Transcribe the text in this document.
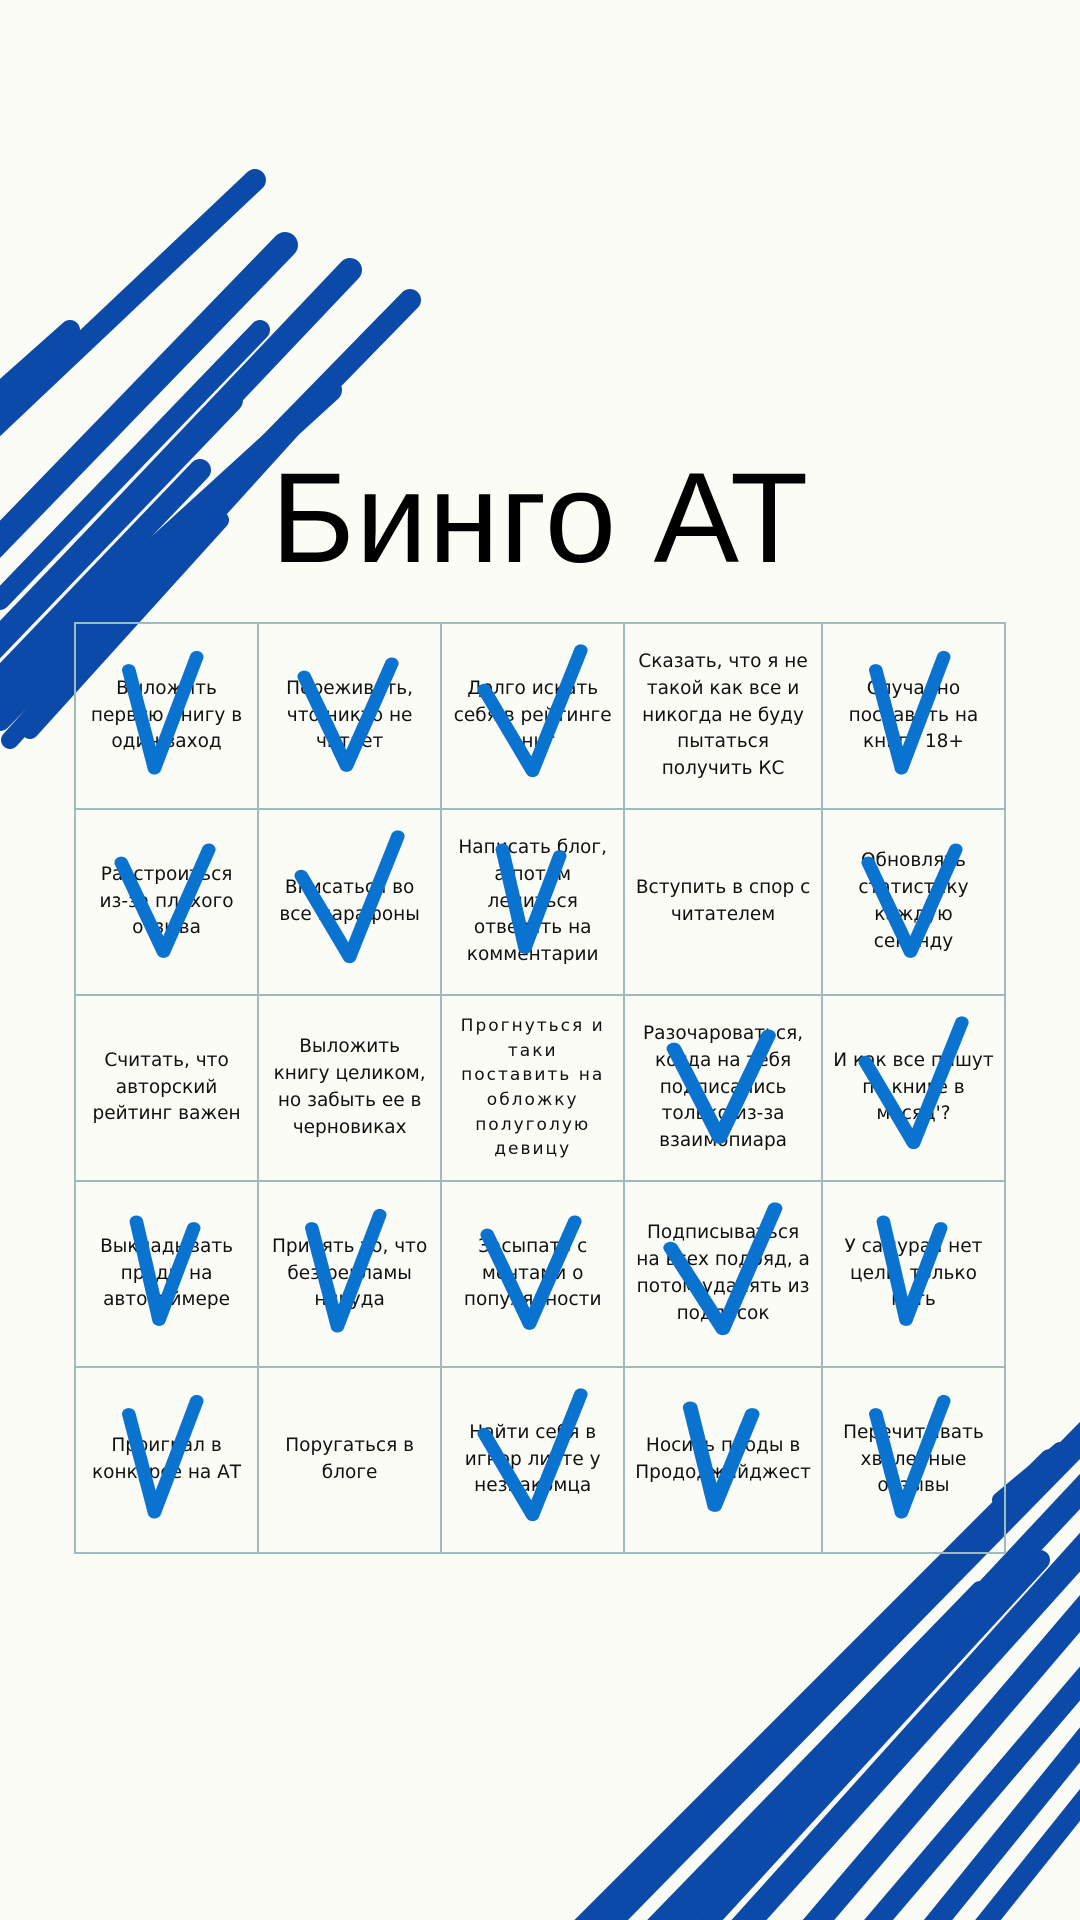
Бинго АТ
Выложить первую книгу в один заход
Переживать, что никто не читает
Долго искать себя в рейтинге книг
Сказать, что я не такой как все и никогда не буду пытаться получить КС
Случайно поставить на книгу 18+
Расстроиться из-за плохого отзыва
Вписаться во все марафоны
Написать блог, а потом лениться отвечать на комментарии
Вступить в спор с читателем
Обновлять статистику каждую секунду
Считать, что авторский рейтинг важен
Выложить книгу целиком, но забыть ее в черновиках
Прогнуться и таки поставить на обложку полуголую девицу
Разочароваться, когда на тебя подписались только из-за взаимопиара
И как все пишут по книге в месяц'?
Выкладывать проды на автотаймере
Принять то, что без рекламы никуда
Засыпать с мечтами о популярности
Подписываться на всех подряд, а потом удалять из подписок
У самурая нет цели, только путь
Проиграл в конкурсе на АТ
Поругаться в блоге
Найти себя в игнор листе у незнакомца
Носить проды в Прододжайджест
Перечитывать хвалебные отзывы
